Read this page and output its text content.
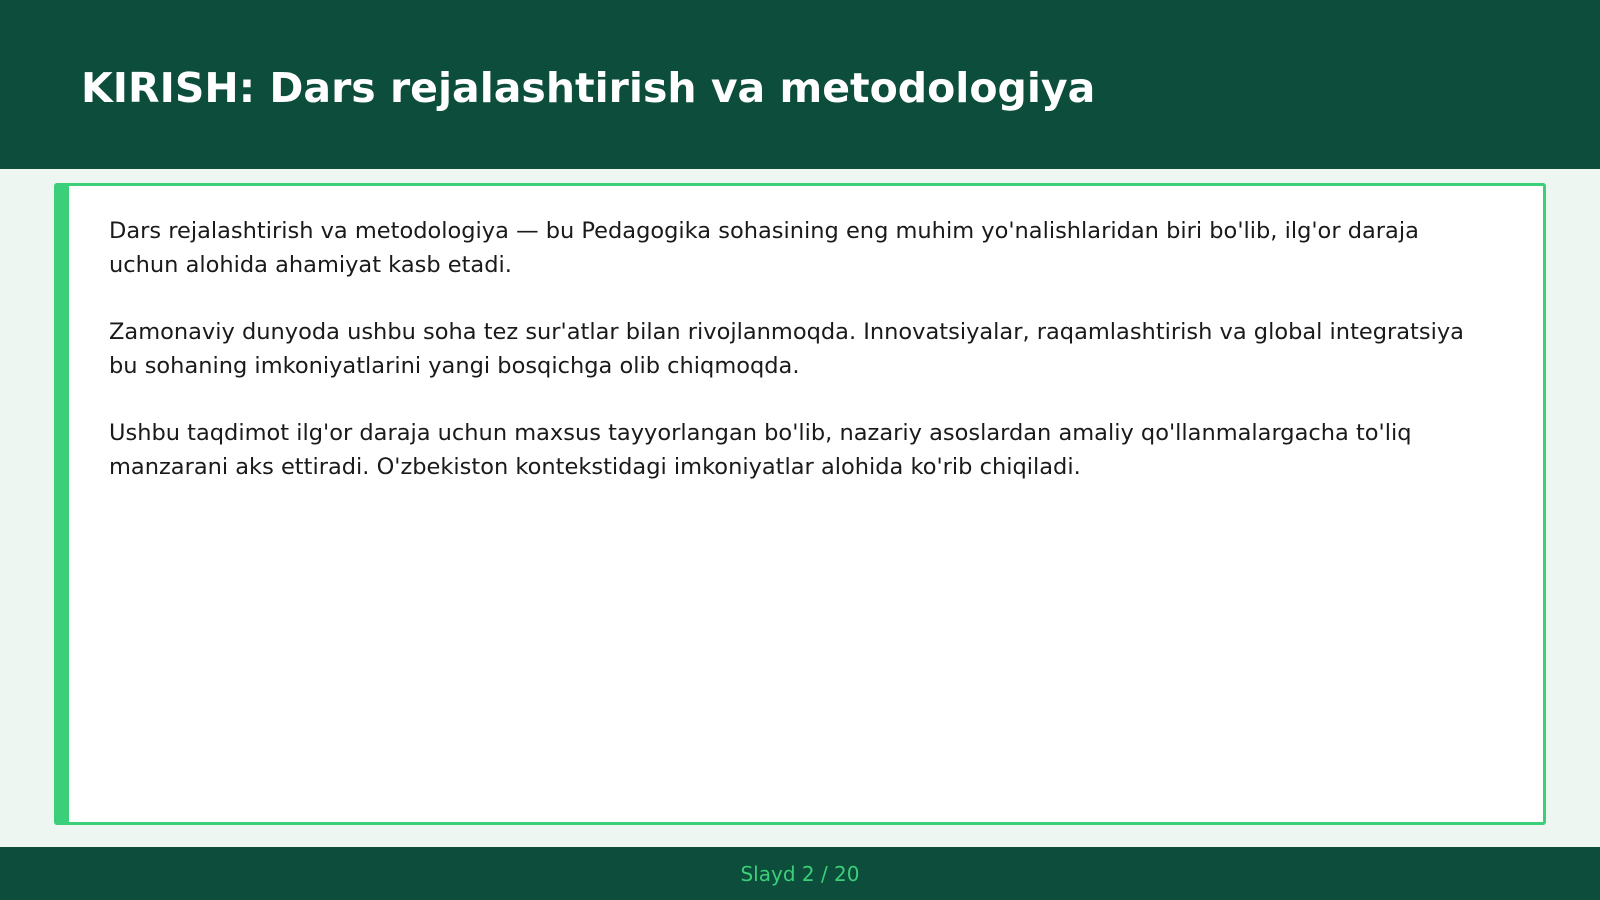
KIRISH: Dars rejalashtirish va metodologiya

Dars rejalashtirish va metodologiya — bu Pedagogika sohasining eng muhim yo'nalishlaridan biri bo'lib, ilg'or daraja uchun alohida ahamiyat kasb etadi.

Zamonaviy dunyoda ushbu soha tez sur'atlar bilan rivojlanmoqda. Innovatsiyalar, raqamlashtirish va global integratsiya bu sohaning imkoniyatlarini yangi bosqichga olib chiqmoqda.

Ushbu taqdimot ilg'or daraja uchun maxsus tayyorlangan bo'lib, nazariy asoslardan amaliy qo'llanmalargacha to'liq manzarani aks ettiradi. O'zbekiston kontekstidagi imkoniyatlar alohida ko'rib chiqiladi.

Slayd 2 / 20
